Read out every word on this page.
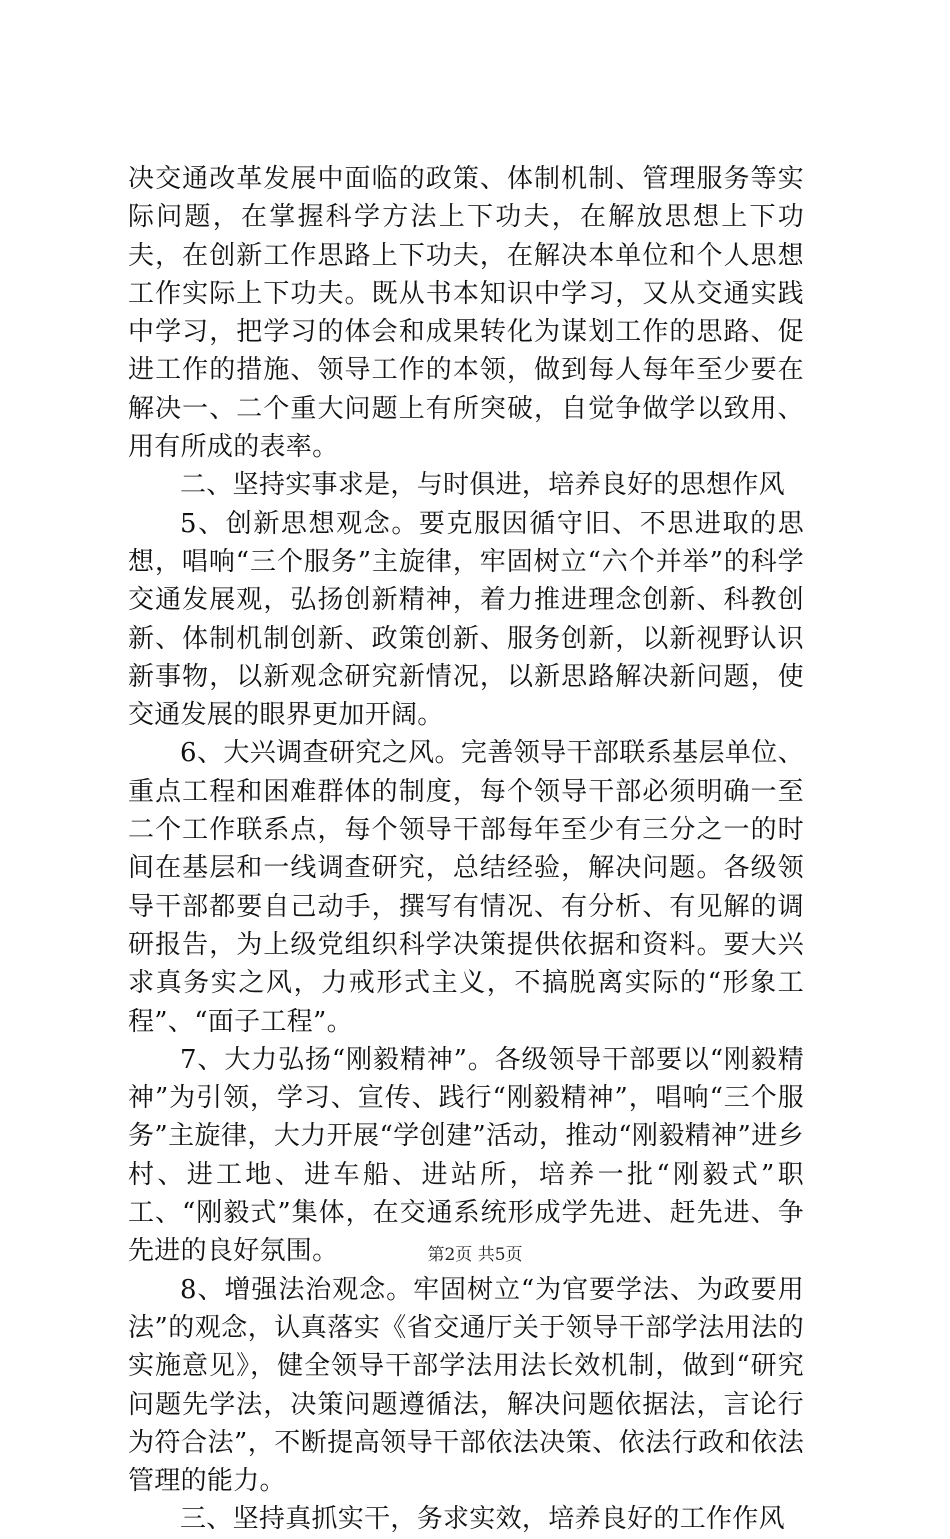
决交通改革发展中面临的政策、体制机制、管理服务等实际问题，在掌握科学方法上下功夫，在解放思想上下功夫，在创新工作思路上下功夫，在解决本单位和个人思想工作实际上下功夫。既从书本知识中学习，又从交通实践中学习，把学习的体会和成果转化为谋划工作的思路、促进工作的措施、领导工作的本领，做到每人每年至少要在解决一、二个重大问题上有所突破，自觉争做学以致用、用有所成的表率。

二、坚持实事求是，与时俱进，培养良好的思想作风

5、创新思想观念。要克服因循守旧、不思进取的思想，唱响“三个服务”主旋律，牢固树立“六个并举”的科学交通发展观，弘扬创新精神，着力推进理念创新、科教创新、体制机制创新、政策创新、服务创新，以新视野认识新事物，以新观念研究新情况，以新思路解决新问题，使交通发展的眼界更加开阔。

6、大兴调查研究之风。完善领导干部联系基层单位、重点工程和困难群体的制度，每个领导干部必须明确一至二个工作联系点，每个领导干部每年至少有三分之一的时间在基层和一线调查研究，总结经验，解决问题。各级领导干部都要自己动手，撰写有情况、有分析、有见解的调研报告，为上级党组织科学决策提供依据和资料。要大兴求真务实之风，力戒形式主义，不搞脱离实际的“形象工程”、“面子工程”。

7、大力弘扬“刚毅精神”。各级领导干部要以“刚毅精神”为引领，学习、宣传、践行“刚毅精神”，唱响“三个服务”主旋律，大力开展“学创建”活动，推动“刚毅精神”进乡村、进工地、进车船、进站所，培养一批“刚毅式”职工、“刚毅式”集体，在交通系统形成学先进、赶先进、争先进的良好氛围。

8、增强法治观念。牢固树立“为官要学法、为政要用法”的观念，认真落实《省交通厅关于领导干部学法用法的实施意见》，健全领导干部学法用法长效机制，做到“研究问题先学法，决策问题遵循法，解决问题依据法，言论行为符合法”，不断提高领导干部依法决策、依法行政和依法管理的能力。

三、坚持真抓实干，务求实效，培养良好的工作作风

第2页 共5页
